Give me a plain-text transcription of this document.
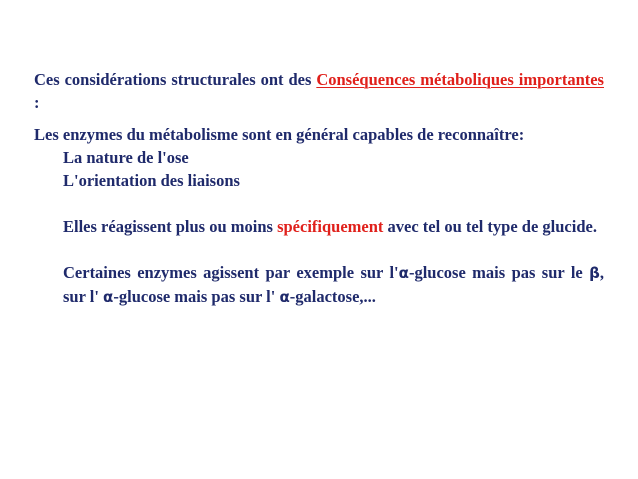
Ces considérations structurales ont des Conséquences métaboliques importantes :

Les enzymes du métabolisme sont en général capables de reconnaître:

La nature de l'ose
L'orientation des liaisons

Elles réagissent plus ou moins spécifiquement avec tel ou tel type de glucide.

Certaines enzymes agissent par exemple sur l'α-glucose mais pas sur le β, sur l' α-glucose mais pas sur l' α-galactose,...
